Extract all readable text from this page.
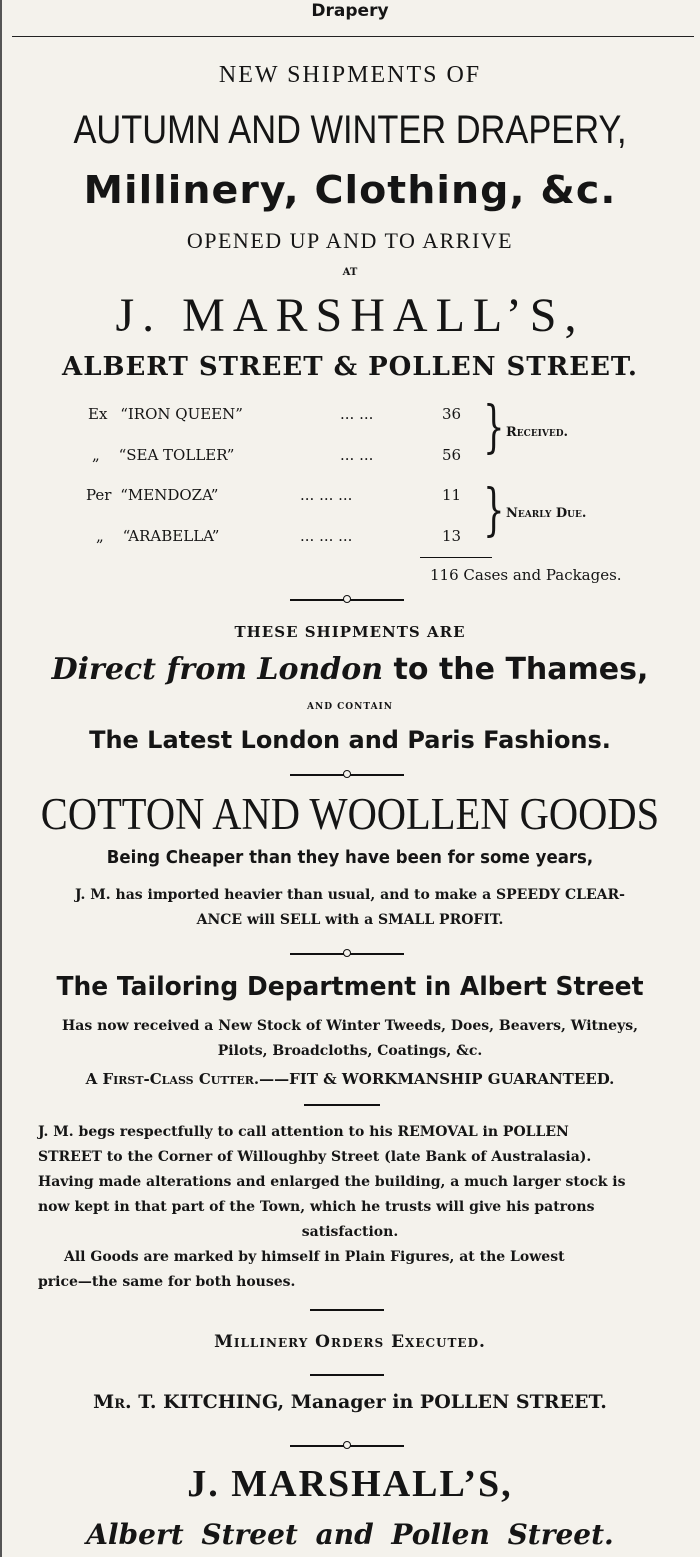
Drapery
NEW SHIPMENTS OF
AUTUMN AND WINTER DRAPERY,
Millinery, Clothing, &c.
OPENED UP AND TO ARRIVE
AT
J. MARSHALL’S,
ALBERT STREET & POLLEN STREET.
Ex “IRON QUEEN”	... ...	36
„ “SEA TOLLER”	... ...	56
Per “MENDOZA”	... ... ...	11
„ “ARABELLA”	... ... ...	13
} Received.
} Nearly Due.
116 Cases and Packages.
THESE SHIPMENTS ARE
Direct from London to the Thames,
AND CONTAIN
The Latest London and Paris Fashions.
COTTON AND WOOLLEN GOODS
Being Cheaper than they have been for some years,
J. M. has imported heavier than usual, and to make a SPEEDY CLEAR-
ANCE will SELL with a SMALL PROFIT.
The Tailoring Department in Albert Street
Has now received a New Stock of Winter Tweeds, Does, Beavers, Witneys,
Pilots, Broadcloths, Coatings, &c.
A First-Class Cutter.——FIT & WORKMANSHIP GUARANTEED.
J. M. begs respectfully to call attention to his REMOVAL in POLLEN
STREET to the Corner of Willoughby Street (late Bank of Australasia).
Having made alterations and enlarged the building, a much larger stock is
now kept in that part of the Town, which he trusts will give his patrons
satisfaction.
All Goods are marked by himself in Plain Figures, at the Lowest
price—the same for both houses.
Millinery Orders Executed.
Mr. T. KITCHING, Manager in POLLEN STREET.
J. MARSHALL’S,
Albert Street and Pollen Street.
